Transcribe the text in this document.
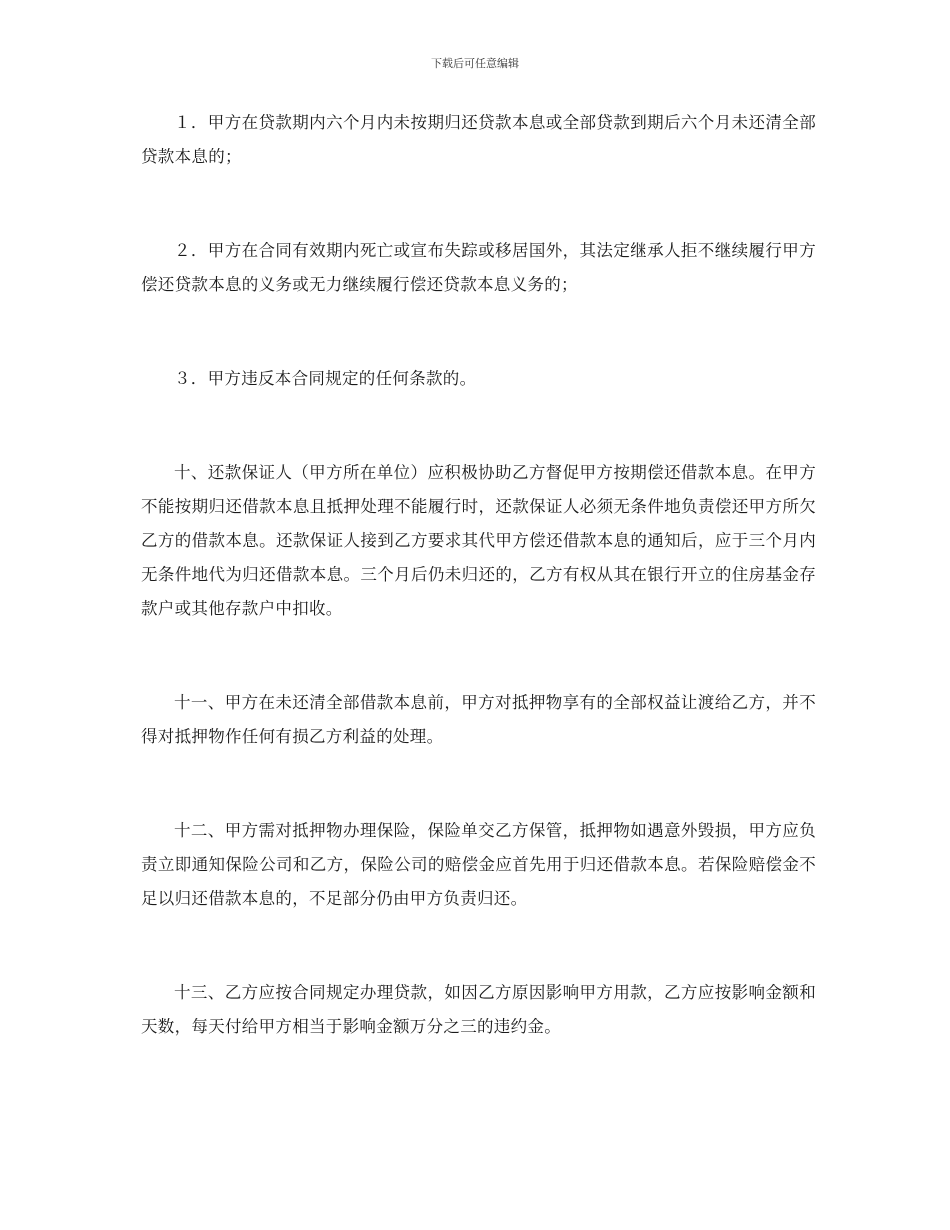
下载后可任意编辑

１．甲方在贷款期内六个月内未按期归还贷款本息或全部贷款到期后六个月未还清全部贷款本息的；

２．甲方在合同有效期内死亡或宣布失踪或移居国外，其法定继承人拒不继续履行甲方偿还贷款本息的义务或无力继续履行偿还贷款本息义务的；

３．甲方违反本合同规定的任何条款的。

十、还款保证人（甲方所在单位）应积极协助乙方督促甲方按期偿还借款本息。在甲方不能按期归还借款本息且抵押处理不能履行时，还款保证人必须无条件地负责偿还甲方所欠乙方的借款本息。还款保证人接到乙方要求其代甲方偿还借款本息的通知后，应于三个月内无条件地代为归还借款本息。三个月后仍未归还的，乙方有权从其在银行开立的住房基金存款户或其他存款户中扣收。

十一、甲方在未还清全部借款本息前，甲方对抵押物享有的全部权益让渡给乙方，并不得对抵押物作任何有损乙方利益的处理。

十二、甲方需对抵押物办理保险，保险单交乙方保管，抵押物如遇意外毁损，甲方应负责立即通知保险公司和乙方，保险公司的赔偿金应首先用于归还借款本息。若保险赔偿金不足以归还借款本息的，不足部分仍由甲方负责归还。

十三、乙方应按合同规定办理贷款，如因乙方原因影响甲方用款，乙方应按影响金额和天数，每天付给甲方相当于影响金额万分之三的违约金。
